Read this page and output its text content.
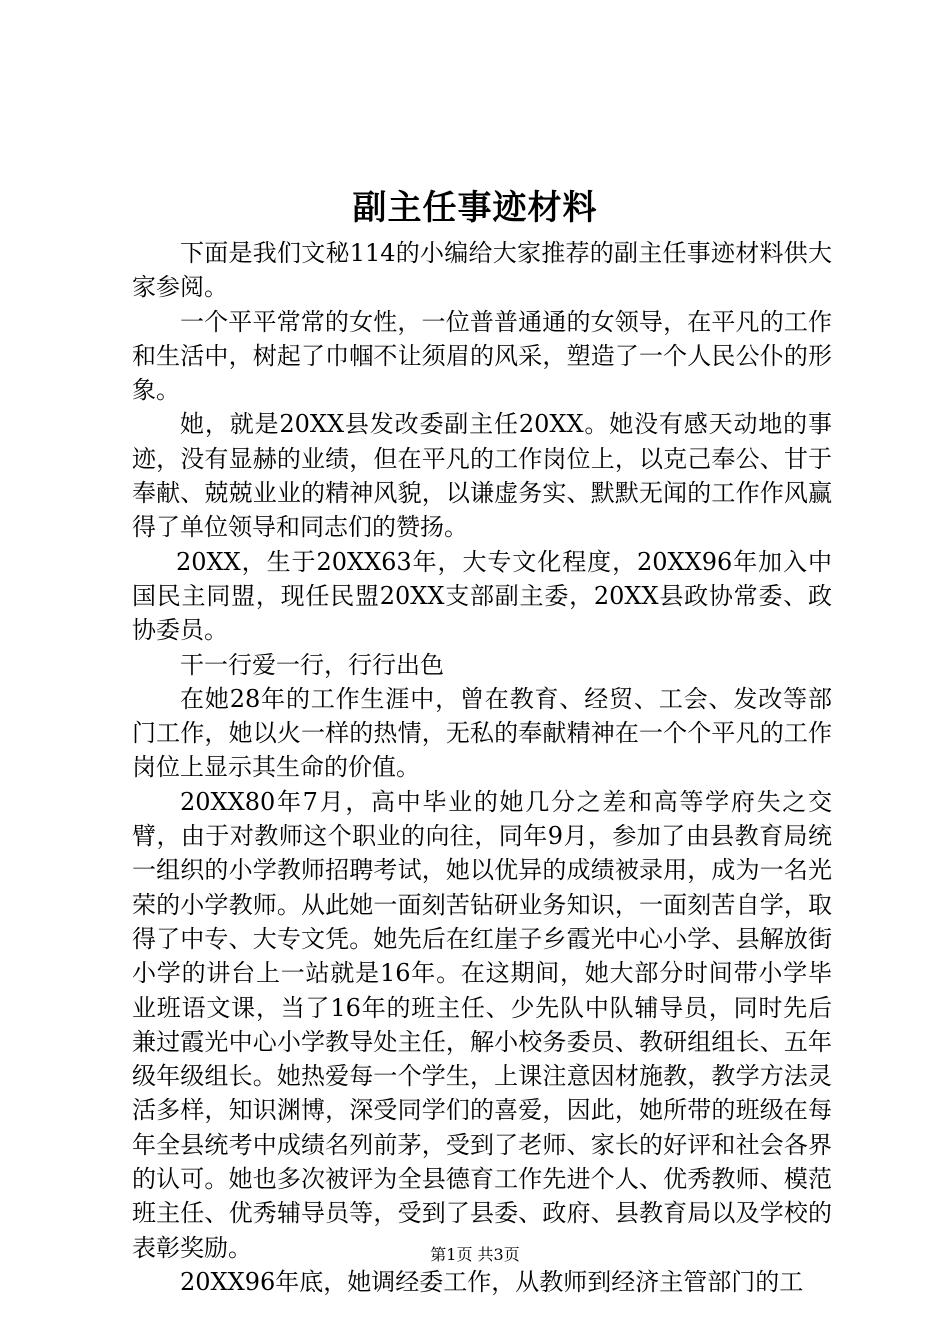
副主任事迹材料

下面是我们文秘114的小编给大家推荐的副主任事迹材料供大家参阅。

一个平平常常的女性，一位普普通通的女领导，在平凡的工作和生活中，树起了巾帼不让须眉的风采，塑造了一个人民公仆的形象。

她，就是20XX县发改委副主任20XX。她没有感天动地的事迹，没有显赫的业绩，但在平凡的工作岗位上，以克己奉公、甘于奉献、兢兢业业的精神风貌，以谦虚务实、默默无闻的工作作风赢得了单位领导和同志们的赞扬。

20XX，生于20XX63年，大专文化程度，20XX96年加入中国民主同盟，现任民盟20XX支部副主委，20XX县政协常委、政协委员。

干一行爱一行，行行出色

在她28年的工作生涯中，曾在教育、经贸、工会、发改等部门工作，她以火一样的热情，无私的奉献精神在一个个平凡的工作岗位上显示其生命的价值。

20XX80年7月，高中毕业的她几分之差和高等学府失之交臂，由于对教师这个职业的向往，同年9月，参加了由县教育局统一组织的小学教师招聘考试，她以优异的成绩被录用，成为一名光荣的小学教师。从此她一面刻苦钻研业务知识，一面刻苦自学，取得了中专、大专文凭。她先后在红崖子乡霞光中心小学、县解放街小学的讲台上一站就是16年。在这期间，她大部分时间带小学毕业班语文课，当了16年的班主任、少先队中队辅导员，同时先后兼过霞光中心小学教导处主任，解小校务委员、教研组组长、五年级年级组长。她热爱每一个学生，上课注意因材施教，教学方法灵活多样，知识渊博，深受同学们的喜爱，因此，她所带的班级在每年全县统考中成绩名列前茅，受到了老师、家长的好评和社会各界的认可。她也多次被评为全县德育工作先进个人、优秀教师、模范班主任、优秀辅导员等，受到了县委、政府、县教育局以及学校的表彰奖励。

20XX96年底，她调经委工作，从教师到经济主管部门的工

第1页 共3页
